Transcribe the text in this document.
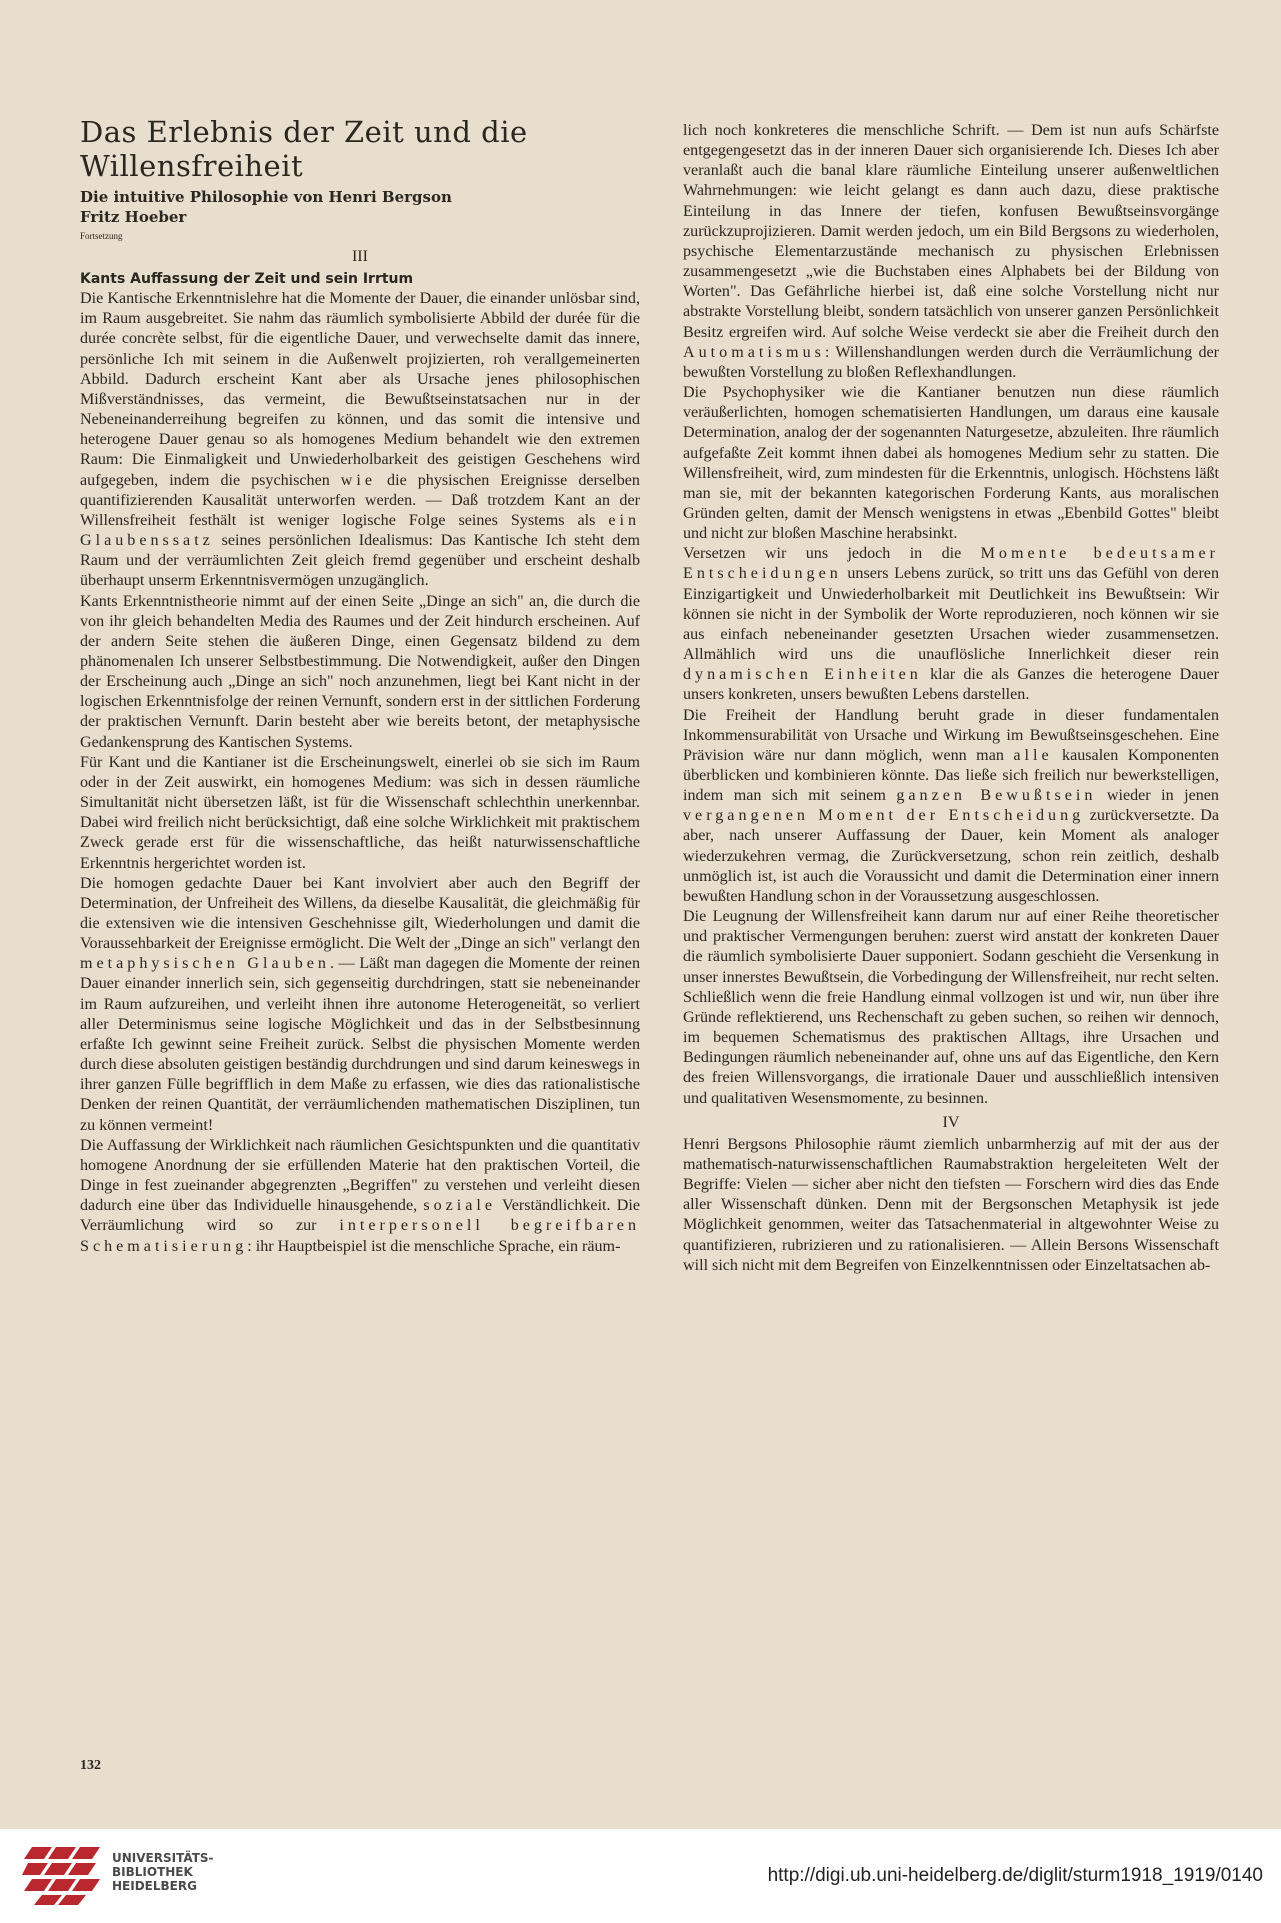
Das Erlebnis der Zeit und die
Willensfreiheit
Die intuitive Philosophie von Henri Bergson
Fritz Hoeber
Fortsetzung
III
Kants Auffassung der Zeit und sein Irrtum

Die Kantische Erkenntnislehre hat die Momente der Dauer, die einander unlösbar sind, im Raum ausgebreitet. Sie nahm das räumlich symbolisierte Abbild der durée für die durée concrète selbst, für die eigentliche Dauer, und verwechselte damit das innere, persönliche Ich mit seinem in die Außenwelt projizierten, roh verallgemeinerten Abbild. Dadurch erscheint Kant aber als Ursache jenes philosophischen Mißverständnisses, das vermeint, die Bewußtseinstatsachen nur in der Nebeneinanderreihung begreifen zu können, und das somit die intensive und heterogene Dauer genau so als homogenes Medium behandelt wie den extremen Raum: Die Einmaligkeit und Unwiederholbarkeit des geistigen Geschehens wird aufgegeben, indem die psychischen wie die physischen Ereignisse derselben quantifizierenden Kausalität unterworfen werden. — Daß trotzdem Kant an der Willensfreiheit festhält ist weniger logische Folge seines Systems als ein Glaubenssatz seines persönlichen Idealismus: Das Kantische Ich steht dem Raum und der verräumlichten Zeit gleich fremd gegenüber und erscheint deshalb überhaupt unserm Erkenntnisvermögen unzugänglich.

Kants Erkenntnistheorie nimmt auf der einen Seite „Dinge an sich" an, die durch die von ihr gleich behandelten Media des Raumes und der Zeit hindurch erscheinen. Auf der andern Seite stehen die äußeren Dinge, einen Gegensatz bildend zu dem phänomenalen Ich unserer Selbstbestimmung. Die Notwendigkeit, außer den Dingen der Erscheinung auch „Dinge an sich" noch anzunehmen, liegt bei Kant nicht in der logischen Erkenntnisfolge der reinen Vernunft, sondern erst in der sittlichen Forderung der praktischen Vernunft. Darin besteht aber wie bereits betont, der metaphysische Gedankensprung des Kantischen Systems.

Für Kant und die Kantianer ist die Erscheinungswelt, einerlei ob sie sich im Raum oder in der Zeit auswirkt, ein homogenes Medium: was sich in dessen räumliche Simultanität nicht übersetzen läßt, ist für die Wissenschaft schlechthin unerkennbar. Dabei wird freilich nicht berücksichtigt, daß eine solche Wirklichkeit mit praktischem Zweck gerade erst für die wissenschaftliche, das heißt naturwissenschaftliche Erkenntnis hergerichtet worden ist.

Die homogen gedachte Dauer bei Kant involviert aber auch den Begriff der Determination, der Unfreiheit des Willens, da dieselbe Kausalität, die gleichmäßig für die extensiven wie die intensiven Geschehnisse gilt, Wiederholungen und damit die Voraussehbarkeit der Ereignisse ermöglicht. Die Welt der „Dinge an sich" verlangt den metaphysischen Glauben. — Läßt man dagegen die Momente der reinen Dauer einander innerlich sein, sich gegenseitig durchdringen, statt sie nebeneinander im Raum aufzureihen, und verleiht ihnen ihre autonome Heterogeneität, so verliert aller Determinismus seine logische Möglichkeit und das in der Selbstbesinnung erfaßte Ich gewinnt seine Freiheit zurück. Selbst die physischen Momente werden durch diese absoluten geistigen beständig durchdrungen und sind darum keineswegs in ihrer ganzen Fülle begrifflich in dem Maße zu erfassen, wie dies das rationalistische Denken der reinen Quantität, der verräumlichenden mathematischen Disziplinen, tun zu können vermeint!

Die Auffassung der Wirklichkeit nach räumlichen Gesichtspunkten und die quantitativ homogene Anordnung der sie erfüllenden Materie hat den praktischen Vorteil, die Dinge in fest zueinander abgegrenzten „Begriffen" zu verstehen und verleiht diesen dadurch eine über das Individuelle hinausgehende, soziale Verständlichkeit. Die Verräumlichung wird so zur interpersonell begreifbaren Schematisierung: ihr Hauptbeispiel ist die menschliche Sprache, ein räum-

lich noch konkreteres die menschliche Schrift. — Dem ist nun aufs Schärfste entgegengesetzt das in der inneren Dauer sich organisierende Ich. Dieses Ich aber veranlaßt auch die banal klare räumliche Einteilung unserer außenweltlichen Wahrnehmungen: wie leicht gelangt es dann auch dazu, diese praktische Einteilung in das Innere der tiefen, konfusen Bewußtseinsvorgänge zurückzuprojizieren. Damit werden jedoch, um ein Bild Bergsons zu wiederholen, psychische Elementarzustände mechanisch zu physischen Erlebnissen zusammengesetzt „wie die Buchstaben eines Alphabets bei der Bildung von Worten". Das Gefährliche hierbei ist, daß eine solche Vorstellung nicht nur abstrakte Vorstellung bleibt, sondern tatsächlich von unserer ganzen Persönlichkeit Besitz ergreifen wird. Auf solche Weise verdeckt sie aber die Freiheit durch den Automatismus: Willenshandlungen werden durch die Verräumlichung der bewußten Vorstellung zu bloßen Reflexhandlungen.

Die Psychophysiker wie die Kantianer benutzen nun diese räumlich veräußerlichten, homogen schematisierten Handlungen, um daraus eine kausale Determination, analog der der sogenannten Naturgesetze, abzuleiten. Ihre räumlich aufgefaßte Zeit kommt ihnen dabei als homogenes Medium sehr zu statten. Die Willensfreiheit, wird, zum mindesten für die Erkenntnis, unlogisch. Höchstens läßt man sie, mit der bekannten kategorischen Forderung Kants, aus moralischen Gründen gelten, damit der Mensch wenigstens in etwas „Ebenbild Gottes" bleibt und nicht zur bloßen Maschine herabsinkt.

Versetzen wir uns jedoch in die Momente bedeutsamer Entscheidungen unsers Lebens zurück, so tritt uns das Gefühl von deren Einzigartigkeit und Unwiederholbarkeit mit Deutlichkeit ins Bewußtsein: Wir können sie nicht in der Symbolik der Worte reproduzieren, noch können wir sie aus einfach nebeneinander gesetzten Ursachen wieder zusammensetzen. Allmählich wird uns die unauflösliche Innerlichkeit dieser rein dynamischen Einheiten klar die als Ganzes die heterogene Dauer unsers konkreten, unsers bewußten Lebens darstellen.

Die Freiheit der Handlung beruht grade in dieser fundamentalen Inkommensurabilität von Ursache und Wirkung im Bewußtseinsgeschehen. Eine Prävision wäre nur dann möglich, wenn man alle kausalen Komponenten überblicken und kombinieren könnte. Das ließe sich freilich nur bewerkstelligen, indem man sich mit seinem ganzen Bewußtsein wieder in jenen vergangenen Moment der Entscheidung zurückversetzte. Da aber, nach unserer Auffassung der Dauer, kein Moment als analoger wiederzukehren vermag, die Zurückversetzung, schon rein zeitlich, deshalb unmöglich ist, ist auch die Voraussicht und damit die Determination einer innern bewußten Handlung schon in der Voraussetzung ausgeschlossen.

Die Leugnung der Willensfreiheit kann darum nur auf einer Reihe theoretischer und praktischer Vermengungen beruhen: zuerst wird anstatt der konkreten Dauer die räumlich symbolisierte Dauer supponiert. Sodann geschieht die Versenkung in unser innerstes Bewußtsein, die Vorbedingung der Willensfreiheit, nur recht selten. Schließlich wenn die freie Handlung einmal vollzogen ist und wir, nun über ihre Gründe reflektierend, uns Rechenschaft zu geben suchen, so reihen wir dennoch, im bequemen Schematismus des praktischen Alltags, ihre Ursachen und Bedingungen räumlich nebeneinander auf, ohne uns auf das Eigentliche, den Kern des freien Willensvorgangs, die irrationale Dauer und ausschließlich intensiven und qualitativen Wesensmomente, zu besinnen.

IV

Henri Bergsons Philosophie räumt ziemlich unbarmherzig auf mit der aus der mathematisch-naturwissenschaftlichen Raumabstraktion hergeleiteten Welt der Begriffe: Vielen — sicher aber nicht den tiefsten — Forschern wird dies das Ende aller Wissenschaft dünken. Denn mit der Bergsonschen Metaphysik ist jede Möglichkeit genommen, weiter das Tatsachenmaterial in altgewohnter Weise zu quantifizieren, rubrizieren und zu rationalisieren. — Allein Bersons Wissenschaft will sich nicht mit dem Begreifen von Einzelkenntnissen oder Einzeltatsachen ab-

132
UNIVERSITÄTS-
BIBLIOTHEK
HEIDELBERG	http://digi.ub.uni-heidelberg.de/diglit/sturm1918_1919/0140
